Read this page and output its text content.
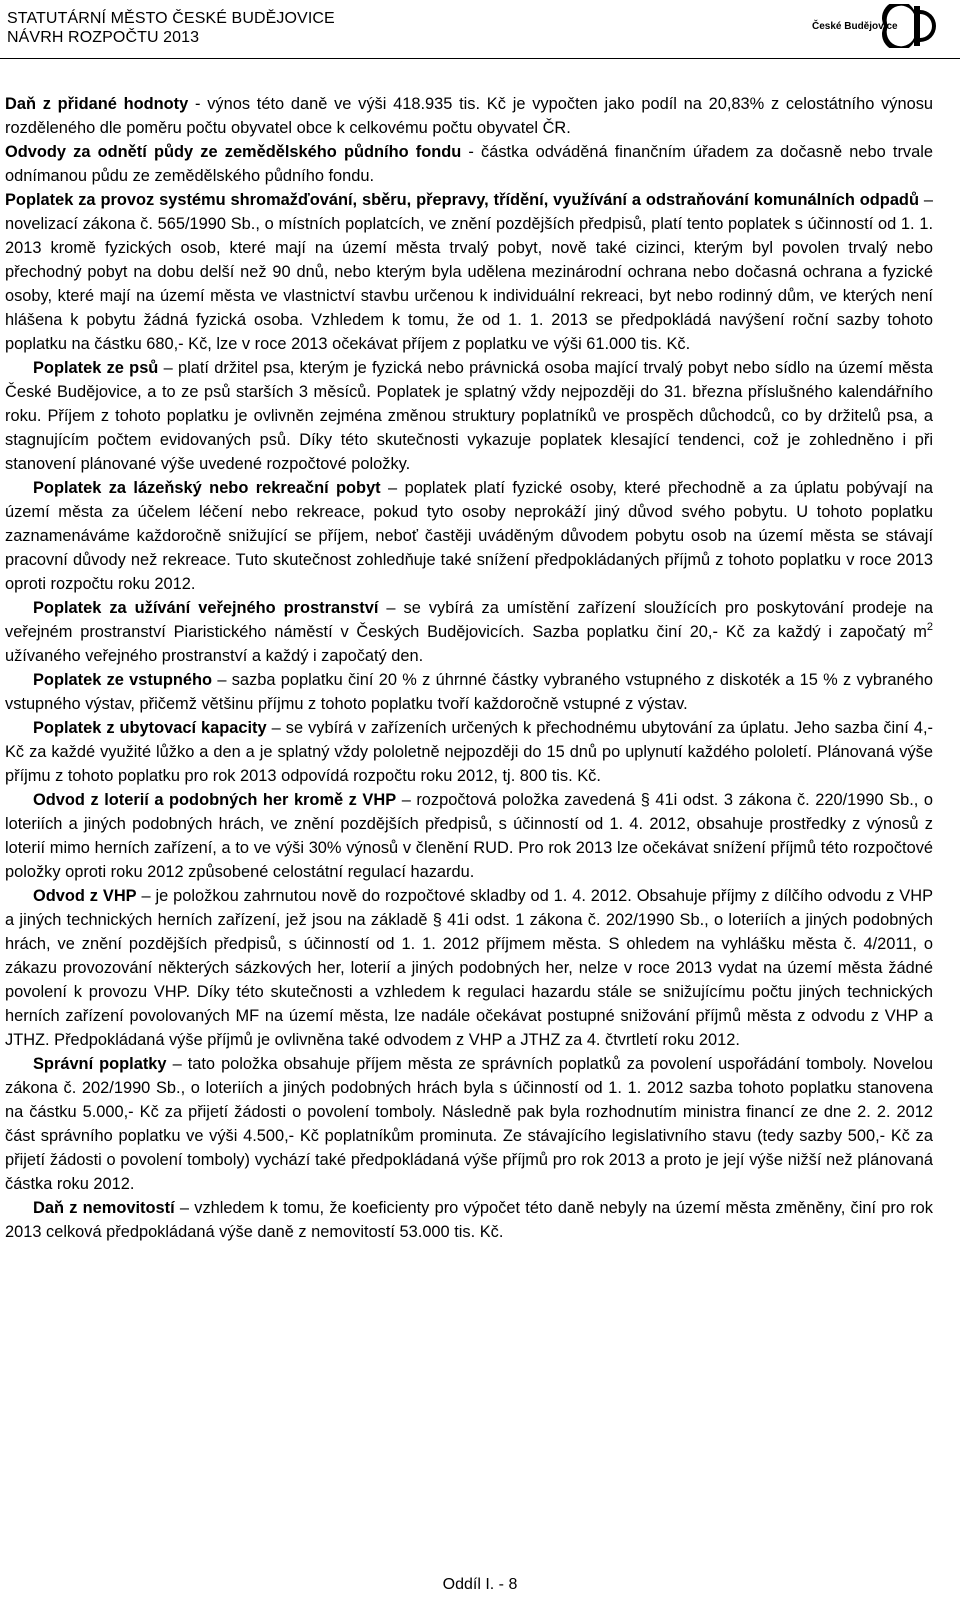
STATUTÁRNÍ MĚSTO ČESKÉ BUDĚJOVICE
NÁVRH ROZPOČTU 2013
České Budějovice

Daň z přidané hodnoty - výnos této daně ve výši 418.935 tis. Kč je vypočten jako podíl na 20,83% z celostátního výnosu rozděleného dle poměru počtu obyvatel obce k celkovému počtu obyvatel ČR.

Odvody za odnětí půdy ze zemědělského půdního fondu - částka odváděná finančním úřadem za dočasně nebo trvale odnímanou půdu ze zemědělského půdního fondu.

Poplatek za provoz systému shromažďování, sběru, přepravy, třídění, využívání a odstraňování komunálních odpadů – novelizací zákona č. 565/1990 Sb., o místních poplatcích, ve znění pozdějších předpisů, platí tento poplatek s účinností od 1. 1. 2013 kromě fyzických osob, které mají na území města trvalý pobyt, nově také cizinci, kterým byl povolen trvalý nebo přechodný pobyt na dobu delší než 90 dnů, nebo kterým byla udělena mezinárodní ochrana nebo dočasná ochrana a fyzické osoby, které mají na území města ve vlastnictví stavbu určenou k individuální rekreaci, byt nebo rodinný dům, ve kterých není hlášena k pobytu žádná fyzická osoba. Vzhledem k tomu, že od 1. 1. 2013 se předpokládá navýšení roční sazby tohoto poplatku na částku 680,- Kč, lze v roce 2013 očekávat příjem z poplatku ve výši 61.000 tis. Kč.

Poplatek ze psů – platí držitel psa, kterým je fyzická nebo právnická osoba mající trvalý pobyt nebo sídlo na území města České Budějovice, a to ze psů starších 3 měsíců. Poplatek je splatný vždy nejpozději do 31. března příslušného kalendářního roku. Příjem z tohoto poplatku je ovlivněn zejména změnou struktury poplatníků ve prospěch důchodců, co by držitelů psa, a stagnujícím počtem evidovaných psů. Díky této skutečnosti vykazuje poplatek klesající tendenci, což je zohledněno i při stanovení plánované výše uvedené rozpočtové položky.

Poplatek za lázeňský nebo rekreační pobyt – poplatek platí fyzické osoby, které přechodně a za úplatu pobývají na území města za účelem léčení nebo rekreace, pokud tyto osoby neprokáží jiný důvod svého pobytu. U tohoto poplatku zaznamenáváme každoročně snižující se příjem, neboť častěji uváděným důvodem pobytu osob na území města se stávají pracovní důvody než rekreace. Tuto skutečnost zohledňuje také snížení předpokládaných příjmů z tohoto poplatku v roce 2013 oproti rozpočtu roku 2012.

Poplatek za užívání veřejného prostranství – se vybírá za umístění zařízení sloužících pro poskytování prodeje na veřejném prostranství Piaristického náměstí v Českých Budějovicích. Sazba poplatku činí 20,- Kč za každý i započatý $m^2$ užívaného veřejného prostranství a každý i započatý den.

Poplatek ze vstupného – sazba poplatku činí 20 % z úhrnné částky vybraného vstupného z diskoték a 15 % z vybraného vstupného výstav, přičemž většinu příjmu z tohoto poplatku tvoří každoročně vstupné z výstav.

Poplatek z ubytovací kapacity – se vybírá v zařízeních určených k přechodnému ubytování za úplatu. Jeho sazba činí 4,- Kč za každé využité lůžko a den a je splatný vždy pololetně nejpozději do 15 dnů po uplynutí každého pololetí. Plánovaná výše příjmu z tohoto poplatku pro rok 2013 odpovídá rozpočtu roku 2012, tj. 800 tis. Kč.

Odvod z loterií a podobných her kromě z VHP – rozpočtová položka zavedená § 41i odst. 3 zákona č. 220/1990 Sb., o loteriích a jiných podobných hrách, ve znění pozdějších předpisů, s účinností od 1. 4. 2012, obsahuje prostředky z výnosů z loterií mimo herních zařízení, a to ve výši 30% výnosů v členění RUD. Pro rok 2013 lze očekávat snížení příjmů této rozpočtové položky oproti roku 2012 způsobené celostátní regulací hazardu.

Odvod z VHP – je položkou zahrnutou nově do rozpočtové skladby od 1. 4. 2012. Obsahuje příjmy z dílčího odvodu z VHP a jiných technických herních zařízení, jež jsou na základě § 41i odst. 1 zákona č. 202/1990 Sb., o loteriích a jiných podobných hrách, ve znění pozdějších předpisů, s účinností od 1. 1. 2012 příjmem města. S ohledem na vyhlášku města č. 4/2011, o zákazu provozování některých sázkových her, loterií a jiných podobných her, nelze v roce 2013 vydat na území města žádné povolení k provozu VHP. Díky této skutečnosti a vzhledem k regulaci hazardu stále se snižujícímu počtu jiných technických herních zařízení povolovaných MF na území města, lze nadále očekávat postupné snižování příjmů města z odvodu z VHP a JTHZ. Předpokládaná výše příjmů je ovlivněna také odvodem z VHP a JTHZ za 4. čtvrtletí roku 2012.

Správní poplatky – tato položka obsahuje příjem města ze správních poplatků za povolení uspořádání tomboly. Novelou zákona č. 202/1990 Sb., o loteriích a jiných podobných hrách byla s účinností od 1. 1. 2012 sazba tohoto poplatku stanovena na částku 5.000,- Kč za přijetí žádosti o povolení tomboly. Následně pak byla rozhodnutím ministra financí ze dne 2. 2. 2012 část správního poplatku ve výši 4.500,- Kč poplatníkům prominuta. Ze stávajícího legislativního stavu (tedy sazby 500,- Kč za přijetí žádosti o povolení tomboly) vychází také předpokládaná výše příjmů pro rok 2013 a proto je její výše nižší než plánovaná částka roku 2012.

Daň z nemovitostí – vzhledem k tomu, že koeficienty pro výpočet této daně nebyly na území města změněny, činí pro rok 2013 celková předpokládaná výše daně z nemovitostí 53.000 tis. Kč.

Oddíl I. - 8
